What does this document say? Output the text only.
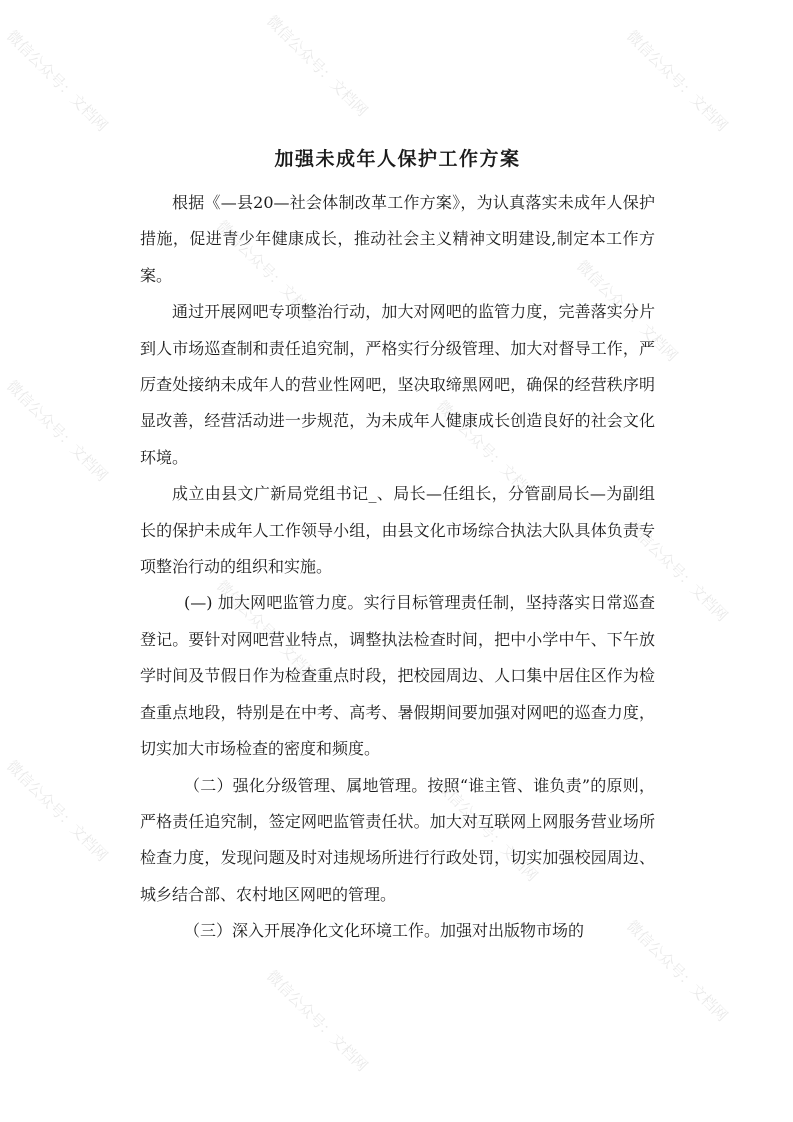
微信公众号：文档网	微信公众号：文档网	微信公众号：文档网
微信公众号：文档网	微信公众号：文档网
微信公众号：文档网	微信公众号：文档网
微信公众号：文档网
微信公众号：文档网
微信公众号：文档网	微信公众号：文档网
微信公众号：文档网
微信公众号：文档网
加强未成年人保护工作方案

根据《—县20—社会体制改革工作方案》，为认真落实未成年人保护措施，促进青少年健康成长，推动社会主义精神文明建设,制定本工作方案。

通过开展网吧专项整治行动，加大对网吧的监管力度，完善落实分片到人市场巡查制和责任追究制，严格实行分级管理、加大对督导工作，严厉查处接纳未成年人的营业性网吧，坚决取缔黑网吧，确保的经营秩序明显改善，经营活动进一步规范，为未成年人健康成长创造良好的社会文化环境。

成立由县文广新局党组书记_、局长—任组长，分管副局长—为副组长的保护未成年人工作领导小组，由县文化市场综合执法大队具体负责专项整治行动的组织和实施。

(—) 加大网吧监管力度。实行目标管理责任制，坚持落实日常巡查登记。要针对网吧营业特点，调整执法检查时间，把中小学中午、下午放学时间及节假日作为检查重点时段，把校园周边、人口集中居住区作为检查重点地段，特别是在中考、高考、暑假期间要加强对网吧的巡查力度，切实加大市场检查的密度和频度。

（二）强化分级管理、属地管理。按照“谁主管、谁负责”的原则，严格责任追究制，签定网吧监管责任状。加大对互联网上网服务营业场所检查力度，发现问题及时对违规场所进行行政处罚，切实加强校园周边、城乡结合部、农村地区网吧的管理。

（三）深入开展净化文化环境工作。加强对出版物市场的
